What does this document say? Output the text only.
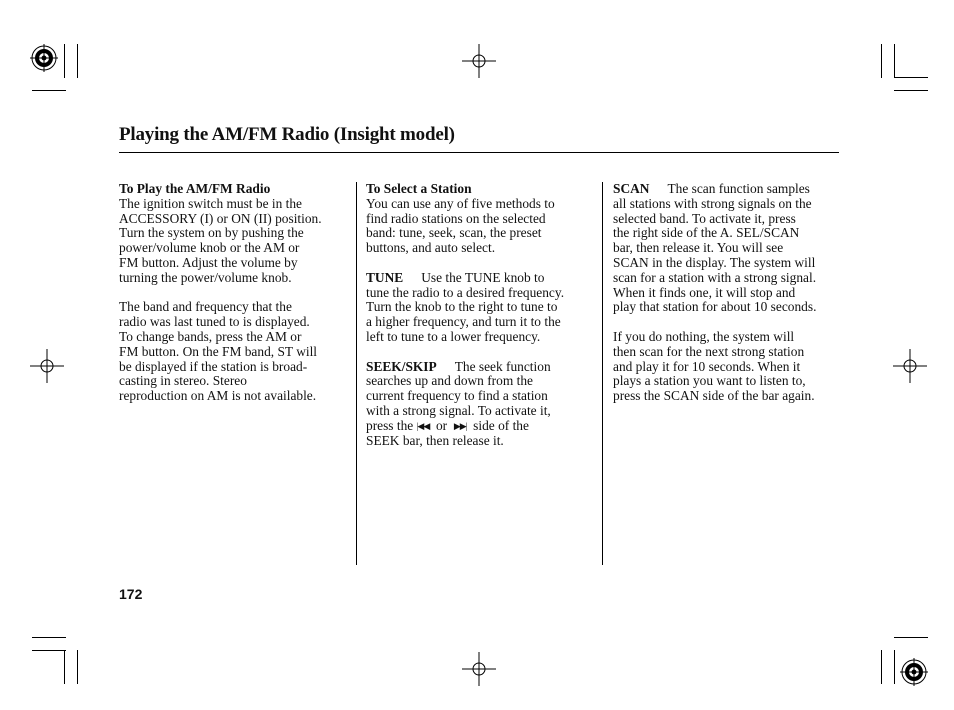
Playing the AM/FM Radio (Insight model)

To Play the AM/FM Radio

The ignition switch must be in the

ACCESSORY (I) or ON (II) position.

Turn the system on by pushing the

power/volume knob or the AM or

FM button. Adjust the volume by

turning the power/volume knob.

The band and frequency that the

radio was last tuned to is displayed.

To change bands, press the AM or

FM button. On the FM band, ST will

be displayed if the station is broad-

casting in stereo. Stereo

reproduction on AM is not available.

To Select a Station

You can use any of five methods to

find radio stations on the selected

band: tune, seek, scan, the preset

buttons, and auto select.

TUNE Use the TUNE knob to

tune the radio to a desired frequency.

Turn the knob to the right to tune to

a higher frequency, and turn it to the

left to tune to a lower frequency.

SEEK/SKIP The seek function

searches up and down from the

current frequency to find a station

with a strong signal. To activate it,

press the |◀◀ or ▶▶| side of the

SEEK bar, then release it.

SCAN The scan function samples

all stations with strong signals on the

selected band. To activate it, press

the right side of the A. SEL/SCAN

bar, then release it. You will see

SCAN in the display. The system will

scan for a station with a strong signal.

When it finds one, it will stop and

play that station for about 10 seconds.

If you do nothing, the system will

then scan for the next strong station

and play it for 10 seconds. When it

plays a station you want to listen to,

press the SCAN side of the bar again.

172
